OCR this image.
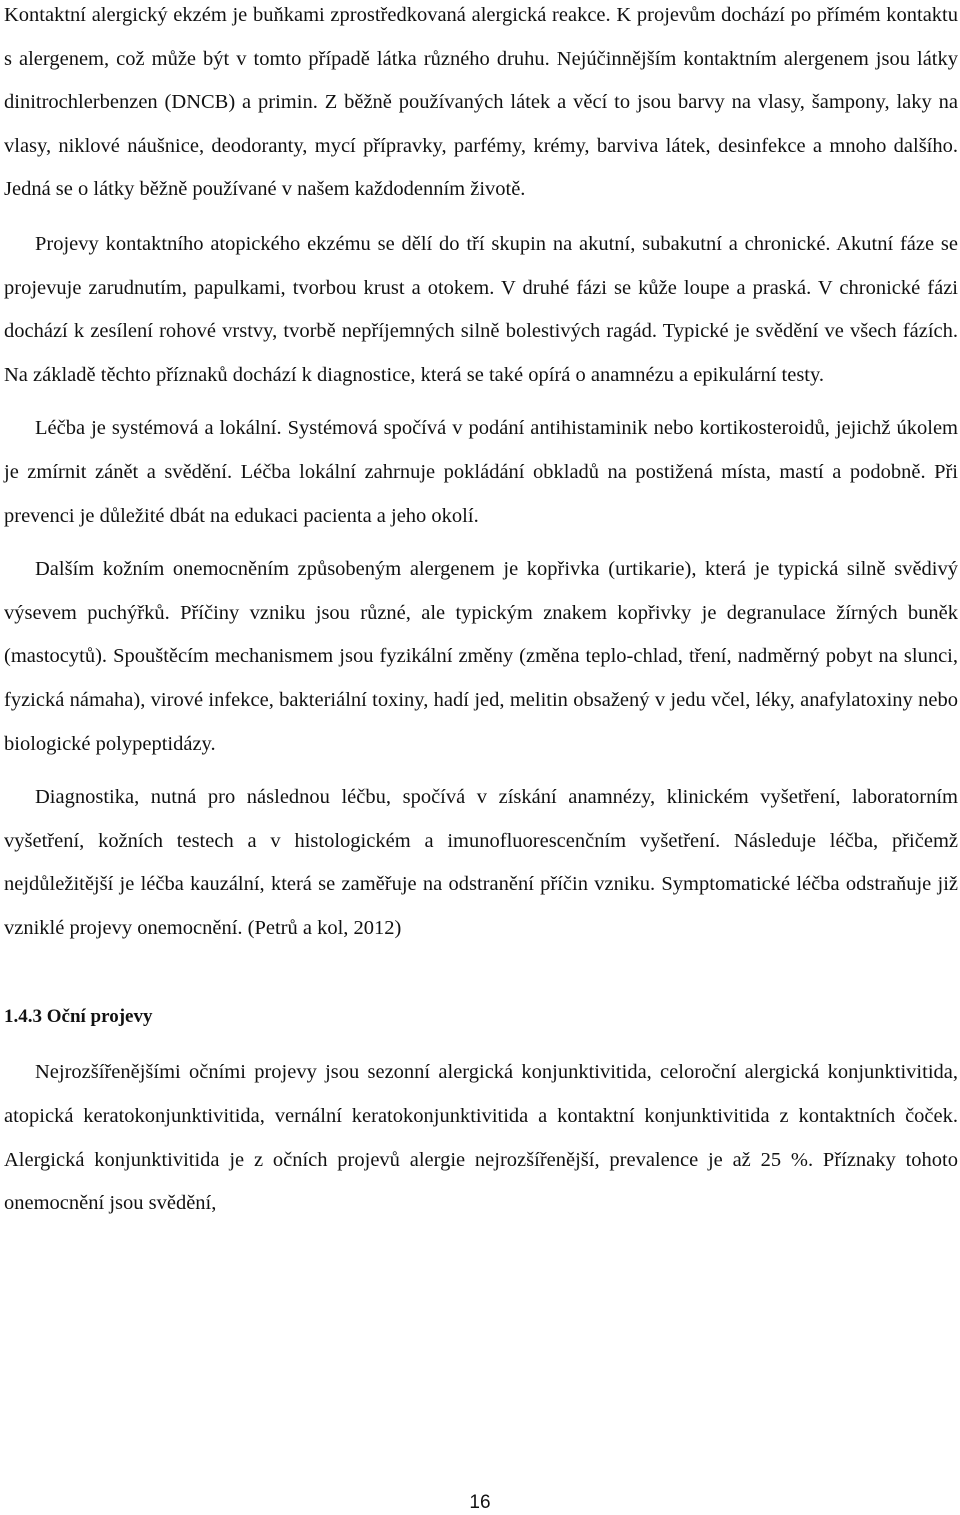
Kontaktní alergický ekzém je buňkami zprostředkovaná alergická reakce. K projevům dochází po přímém kontaktu s alergenem, což může být v tomto případě látka různého druhu. Nejúčinnějším kontaktním alergenem jsou látky dinitrochlerbenzen (DNCB) a primin. Z běžně používaných látek a věcí to jsou barvy na vlasy, šampony, laky na vlasy, niklové náušnice, deodoranty, mycí přípravky, parfémy, krémy, barviva látek, desinfekce a mnoho dalšího. Jedná se o látky běžně používané v našem každodenním životě.

Projevy kontaktního atopického ekzému se dělí do tří skupin na akutní, subakutní a chronické. Akutní fáze se projevuje zarudnutím, papulkami, tvorbou krust a otokem. V druhé fázi se kůže loupe a praská. V chronické fázi dochází k zesílení rohové vrstvy, tvorbě nepříjemných silně bolestivých ragád. Typické je svědění ve všech fázích. Na základě těchto příznaků dochází k diagnostice, která se také opírá o anamnézu a epikulární testy.

Léčba je systémová a lokální. Systémová spočívá v podání antihistaminik nebo kortikosteroidů, jejichž úkolem je zmírnit zánět a svědění. Léčba lokální zahrnuje pokládání obkladů na postižená místa, mastí a podobně. Při prevenci je důležité dbát na edukaci pacienta a jeho okolí.

Dalším kožním onemocněním způsobeným alergenem je kopřivka (urtikarie), která je typická silně svědivý výsevem puchýřků. Příčiny vzniku jsou různé, ale typickým znakem kopřivky je degranulace žírných buněk (mastocytů). Spouštěcím mechanismem jsou fyzikální změny (změna teplo-chlad, tření, nadměrný pobyt na slunci, fyzická námaha), virové infekce, bakteriální toxiny, hadí jed, melitin obsažený v jedu včel, léky, anafylatoxiny nebo biologické polypeptidázy.

Diagnostika, nutná pro následnou léčbu, spočívá v získání anamnézy, klinickém vyšetření, laboratorním vyšetření, kožních testech a v histologickém a imunofluorescenčním vyšetření. Následuje léčba, přičemž nejdůležitější je léčba kauzální, která se zaměřuje na odstranění příčin vzniku. Symptomatické léčba odstraňuje již vzniklé projevy onemocnění. (Petrů a kol, 2012)

1.4.3 Oční projevy

Nejrozšířenějšími očními projevy jsou sezonní alergická konjunktivitida, celoroční alergická konjunktivitida, atopická keratokonjunktivitida, vernální keratokonjunktivitida a kontaktní konjunktivitida z kontaktních čoček. Alergická konjunktivitida je z očních projevů alergie nejrozšířenější, prevalence je až 25 %. Příznaky tohoto onemocnění jsou svědění,

16
